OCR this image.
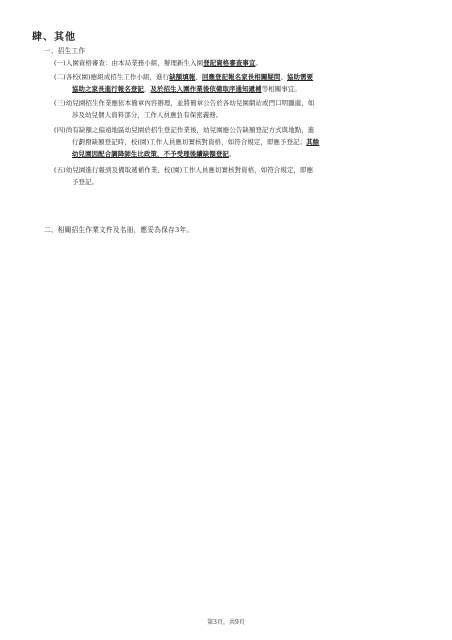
肆、其他
一、招生工作
(一)入園資格審查：由本局業務小組，辦理新生入園登記資格審查事宜。
(二)各校(園)應組成招生工作小組，進行缺額填報、回應登記報名家長相關疑問、協助需要
協助之家長進行報名登記，及於招生入園作業後依備取序通知遞補等相關事宜。
(三)幼兒園招生作業應依本簡章內容辦理，並將簡章公告於各幼兒園網站或門口明顯處，如
涉及幼兒個人資料部分，工作人員應負有保密義務。
(四)尚有缺額之偏遠地區幼兒園於招生登記作業後，幼兒園應公告缺額登記方式與地點，進
行劃撥缺額登記時，校(園)工作人員應切實核對資格，如符合規定，即應予登記；其餘
幼兒園因配合調降師生比政策，不予受理後續缺額登記。
(五)幼兒園進行報到及備取遞補作業，校(園)工作人員應切實核對資格，如符合規定，即應
予登記。
二、相關招生作業文件及名冊，應妥為保存3年。
第3頁，共9頁
